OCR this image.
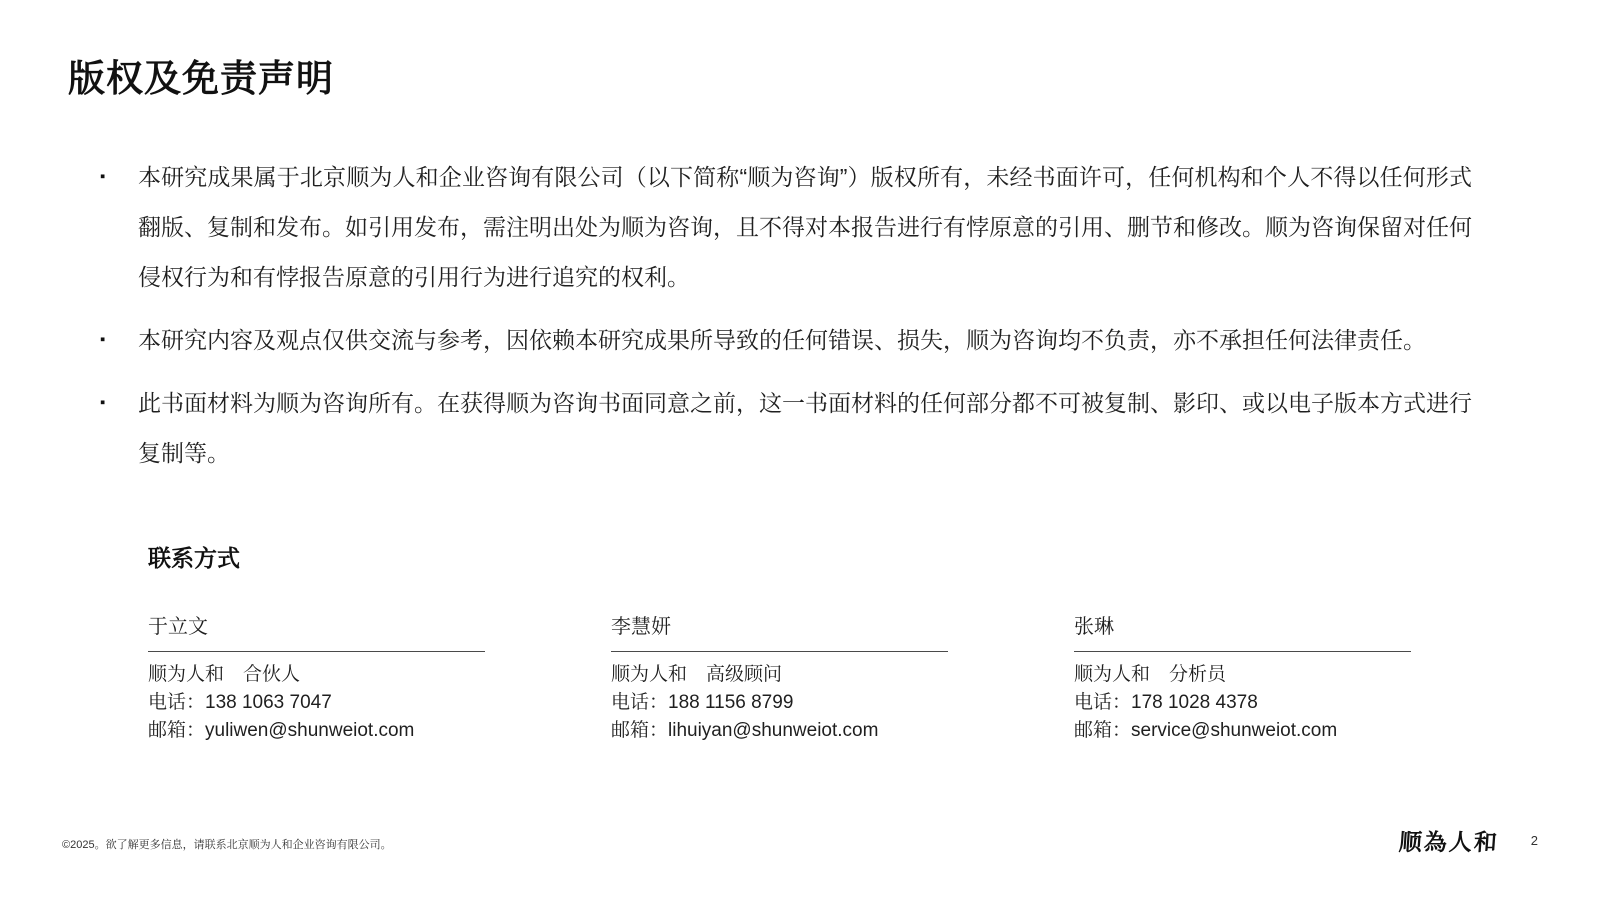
版权及免责声明

▪ 本研究成果属于北京顺为人和企业咨询有限公司（以下简称“顺为咨询”）版权所有，未经书面许可，任何机构和个人不得以任何形式翻版、复制和发布。如引用发布，需注明出处为顺为咨询，且不得对本报告进行有悖原意的引用、删节和修改。顺为咨询保留对任何侵权行为和有悖报告原意的引用行为进行追究的权利。

▪ 本研究内容及观点仅供交流与参考，因依赖本研究成果所导致的任何错误、损失，顺为咨询均不负责，亦不承担任何法律责任。

▪ 此书面材料为顺为咨询所有。在获得顺为咨询书面同意之前，这一书面材料的任何部分都不可被复制、影印、或以电子版本方式进行复制等。

联系方式
于立文
顺为人和　合伙人
电话：138 1063 7047
邮箱：yuliwen@shunweiot.com
李慧妍
顺为人和　高级顾问
电话：188 1156 8799
邮箱：lihuiyan@shunweiot.com
张琳
顺为人和　分析员
电话：178 1028 4378
邮箱：service@shunweiot.com
©2025。欲了解更多信息，请联系北京顺为人和企业咨询有限公司。	顺為人和 2
